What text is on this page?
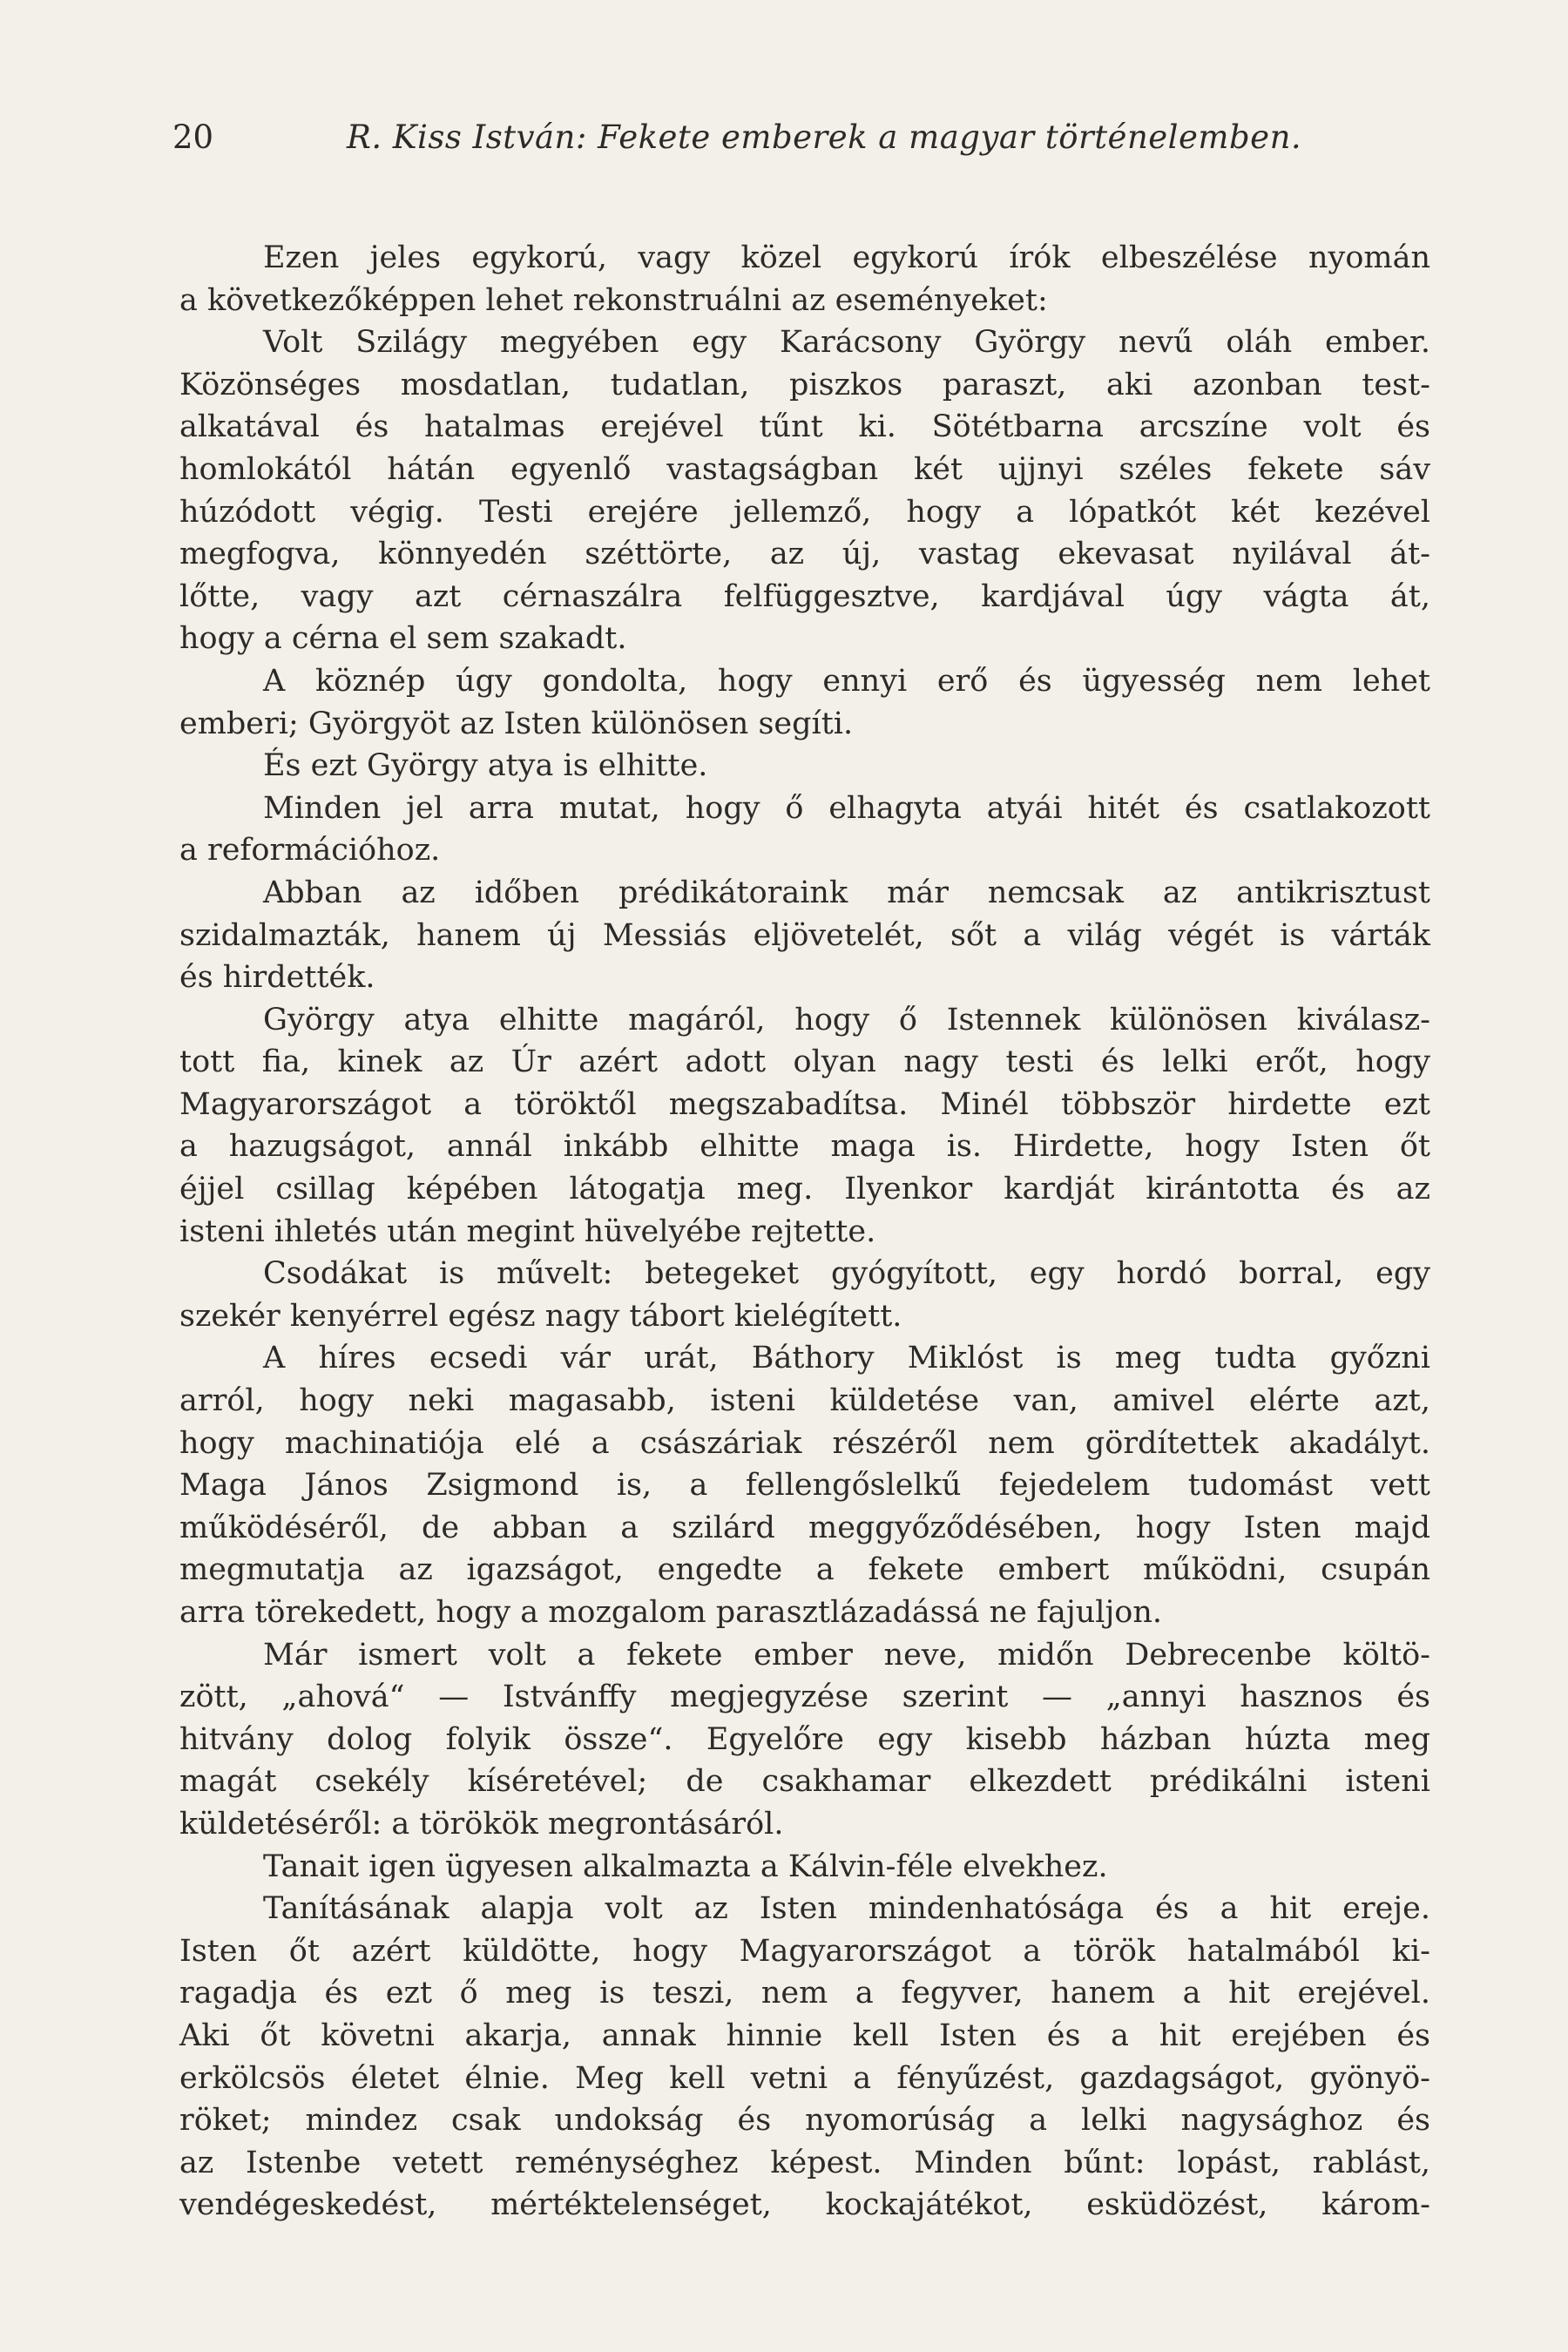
20	R. Kiss István: Fekete emberek a magyar történelemben.
Ezen jeles egykorú, vagy közel egykorú írók elbeszélése nyomán
a következőképpen lehet rekonstruálni az eseményeket:
Volt Szilágy megyében egy Karácsony György nevű oláh ember.
Közönséges mosdatlan, tudatlan, piszkos paraszt, aki azonban test-
alkatával és hatalmas erejével tűnt ki. Sötétbarna arcszíne volt és
homlokától hátán egyenlő vastagságban két ujjnyi széles fekete sáv
húzódott végig. Testi erejére jellemző, hogy a lópatkót két kezével
megfogva, könnyedén széttörte, az új, vastag ekevasat nyilával át-
lőtte, vagy azt cérnaszálra felfüggesztve, kardjával úgy vágta át,
hogy a cérna el sem szakadt.
A köznép úgy gondolta, hogy ennyi erő és ügyesség nem lehet
emberi; Györgyöt az Isten különösen segíti.
És ezt György atya is elhitte.
Minden jel arra mutat, hogy ő elhagyta atyái hitét és csatlakozott
a reformációhoz.
Abban az időben prédikátoraink már nemcsak az antikrisztust
szidalmazták, hanem új Messiás eljövetelét, sőt a világ végét is várták
és hirdették.
György atya elhitte magáról, hogy ő Istennek különösen kiválasz-
tott fia, kinek az Úr azért adott olyan nagy testi és lelki erőt, hogy
Magyarországot a töröktől megszabadítsa. Minél többször hirdette ezt
a hazugságot, annál inkább elhitte maga is. Hirdette, hogy Isten őt
éjjel csillag képében látogatja meg. Ilyenkor kardját kirántotta és az
isteni ihletés után megint hüvelyébe rejtette.
Csodákat is művelt: betegeket gyógyított, egy hordó borral, egy
szekér kenyérrel egész nagy tábort kielégített.
A híres ecsedi vár urát, Báthory Miklóst is meg tudta győzni
arról, hogy neki magasabb, isteni küldetése van, amivel elérte azt,
hogy machinatiója elé a császáriak részéről nem gördítettek akadályt.
Maga János Zsigmond is, a fellengőslelkű fejedelem tudomást vett
működéséről, de abban a szilárd meggyőződésében, hogy Isten majd
megmutatja az igazságot, engedte a fekete embert működni, csupán
arra törekedett, hogy a mozgalom parasztlázadássá ne fajuljon.
Már ismert volt a fekete ember neve, midőn Debrecenbe költö-
zött, „ahová“ — Istvánffy megjegyzése szerint — „annyi hasznos és
hitvány dolog folyik össze“. Egyelőre egy kisebb házban húzta meg
magát csekély kíséretével; de csakhamar elkezdett prédikálni isteni
küldetéséről: a törökök megrontásáról.
Tanait igen ügyesen alkalmazta a Kálvin-féle elvekhez.
Tanításának alapja volt az Isten mindenhatósága és a hit ereje.
Isten őt azért küldötte, hogy Magyarországot a török hatalmából ki-
ragadja és ezt ő meg is teszi, nem a fegyver, hanem a hit erejével.
Aki őt követni akarja, annak hinnie kell Isten és a hit erejében és
erkölcsös életet élnie. Meg kell vetni a fényűzést, gazdagságot, gyönyö-
röket; mindez csak undokság és nyomorúság a lelki nagysághoz és
az Istenbe vetett reménységhez képest. Minden bűnt: lopást, rablást,
vendégeskedést, mértéktelenséget, kockajátékot, esküdözést, károm-
